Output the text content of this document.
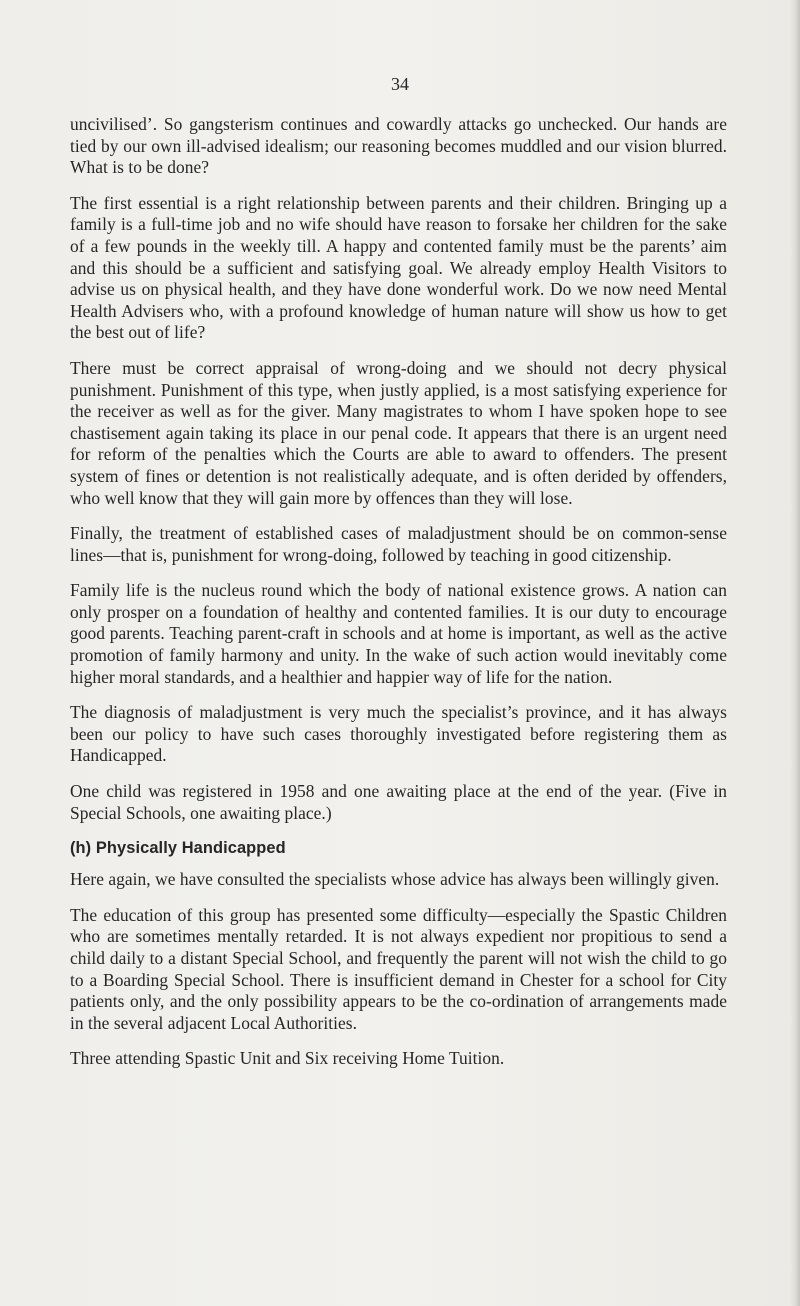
34

uncivilised’. So gangsterism continues and cowardly attacks go unchecked. Our hands are tied by our own ill-advised idealism; our reasoning becomes muddled and our vision blurred. What is to be done?

The first essential is a right relationship between parents and their children. Bringing up a family is a full-time job and no wife should have reason to forsake her children for the sake of a few pounds in the weekly till. A happy and contented family must be the parents’ aim and this should be a sufficient and satisfying goal. We already employ Health Visitors to advise us on physical health, and they have done wonderful work. Do we now need Mental Health Advisers who, with a profound knowledge of human nature will show us how to get the best out of life?

There must be correct appraisal of wrong-doing and we should not decry physical punishment. Punishment of this type, when justly applied, is a most satisfying experience for the receiver as well as for the giver. Many magistrates to whom I have spoken hope to see chastisement again taking its place in our penal code. It appears that there is an urgent need for reform of the penalties which the Courts are able to award to offenders. The present system of fines or detention is not realistically adequate, and is often derided by offenders, who well know that they will gain more by offences than they will lose.

Finally, the treatment of established cases of maladjustment should be on common-sense lines—that is, punishment for wrong-doing, followed by teaching in good citizenship.

Family life is the nucleus round which the body of national existence grows. A nation can only prosper on a foundation of healthy and contented families. It is our duty to encourage good parents. Teaching parent-craft in schools and at home is important, as well as the active promotion of family harmony and unity. In the wake of such action would inevitably come higher moral standards, and a healthier and happier way of life for the nation.

The diagnosis of maladjustment is very much the specialist’s province, and it has always been our policy to have such cases thoroughly investigated before registering them as Handicapped.

One child was registered in 1958 and one awaiting place at the end of the year. (Five in Special Schools, one awaiting place.)

(h) Physically Handicapped

Here again, we have consulted the specialists whose advice has always been willingly given.

The education of this group has presented some difficulty—especially the Spastic Children who are sometimes mentally retarded. It is not always expedient nor propitious to send a child daily to a distant Special School, and frequently the parent will not wish the child to go to a Boarding Special School. There is insufficient demand in Chester for a school for City patients only, and the only possibility appears to be the co-ordination of arrangements made in the several adjacent Local Authorities.

Three attending Spastic Unit and Six receiving Home Tuition.
